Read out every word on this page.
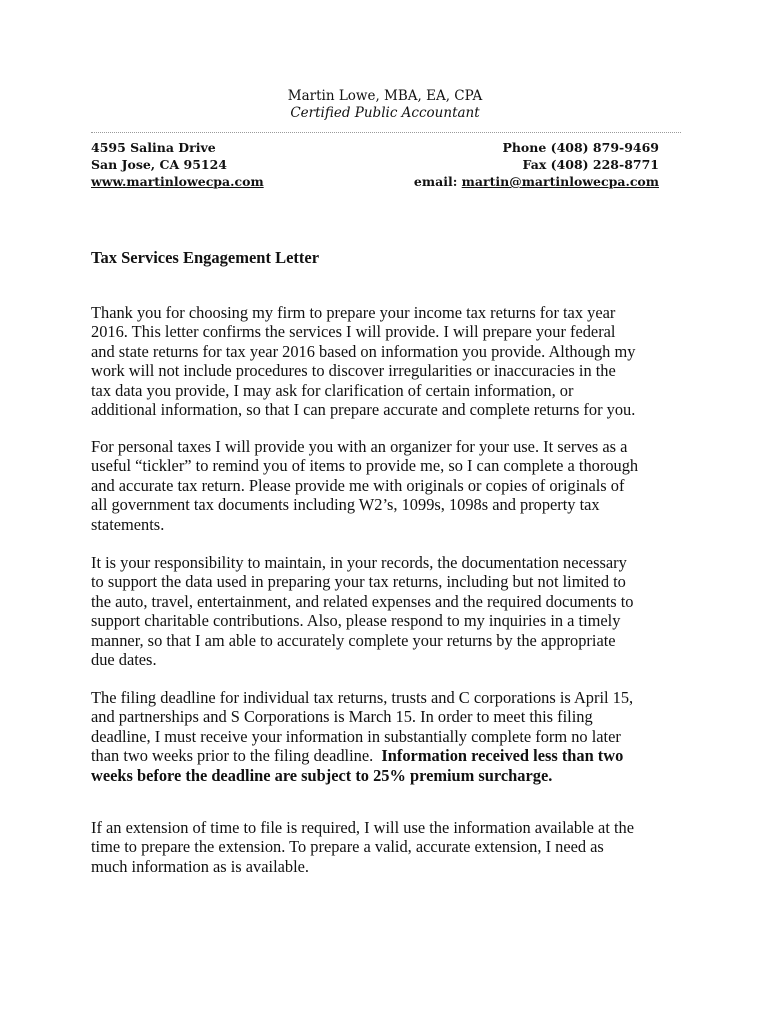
Martin Lowe, MBA, EA, CPA
Certified Public Accountant
4595 Salina Drive
San Jose, CA 95124
www.martinlowecpa.com
Phone (408) 879-9469
Fax (408) 228-8771
email: martin@martinlowecpa.com
Tax Services Engagement Letter
Thank you for choosing my firm to prepare your income tax returns for tax year
2016. This letter confirms the services I will provide. I will prepare your federal
and state returns for tax year 2016 based on information you provide. Although my
work will not include procedures to discover irregularities or inaccuracies in the
tax data you provide, I may ask for clarification of certain information, or
additional information, so that I can prepare accurate and complete returns for you.
For personal taxes I will provide you with an organizer for your use. It serves as a
useful “tickler” to remind you of items to provide me, so I can complete a thorough
and accurate tax return. Please provide me with originals or copies of originals of
all government tax documents including W2’s, 1099s, 1098s and property tax
statements.
It is your responsibility to maintain, in your records, the documentation necessary
to support the data used in preparing your tax returns, including but not limited to
the auto, travel, entertainment, and related expenses and the required documents to
support charitable contributions. Also, please respond to my inquiries in a timely
manner, so that I am able to accurately complete your returns by the appropriate
due dates.
The filing deadline for individual tax returns, trusts and C corporations is April 15,
and partnerships and S Corporations is March 15. In order to meet this filing
deadline, I must receive your information in substantially complete form no later
than two weeks prior to the filing deadline.  Information received less than two
weeks before the deadline are subject to 25% premium surcharge.
If an extension of time to file is required, I will use the information available at the
time to prepare the extension. To prepare a valid, accurate extension, I need as
much information as is available.
